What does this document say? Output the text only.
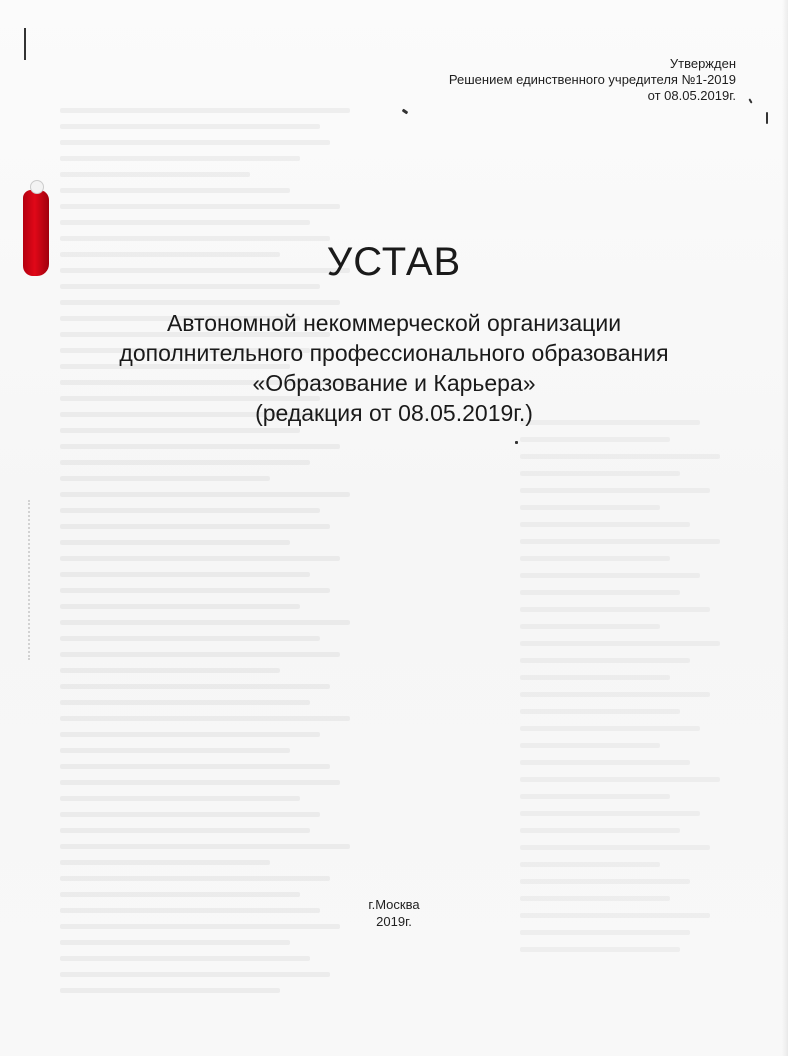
Утвержден
Решением единственного учредителя №1-2019
от 08.05.2019г.
УСТАВ
Автономной некоммерческой организации
дополнительного профессионального образования
«Образование и Карьера»
(редакция от 08.05.2019г.)
г.Москва
2019г.
